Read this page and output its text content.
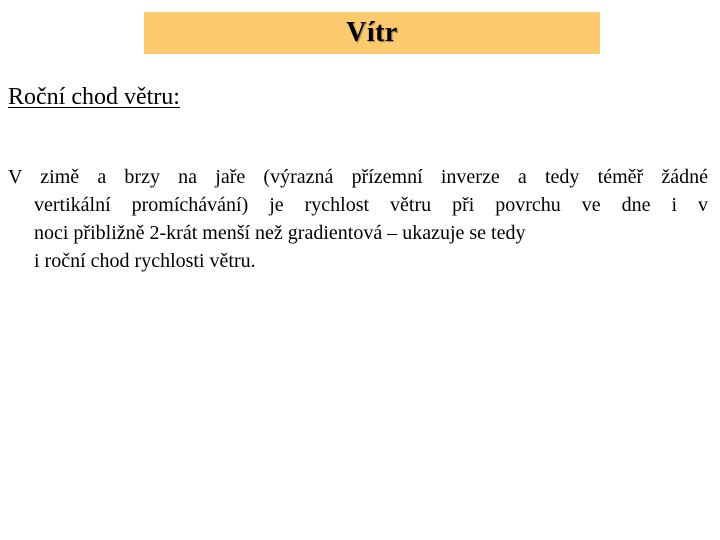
Vítr
Roční chod větru:
V zimě a brzy na jaře (výrazná přízemní inverze a tedy téměř žádné
vertikální promíchávání) je rychlost větru při povrchu ve dne i v
noci přibližně 2-krát menší než gradientová – ukazuje se tedy
i roční chod rychlosti větru.
